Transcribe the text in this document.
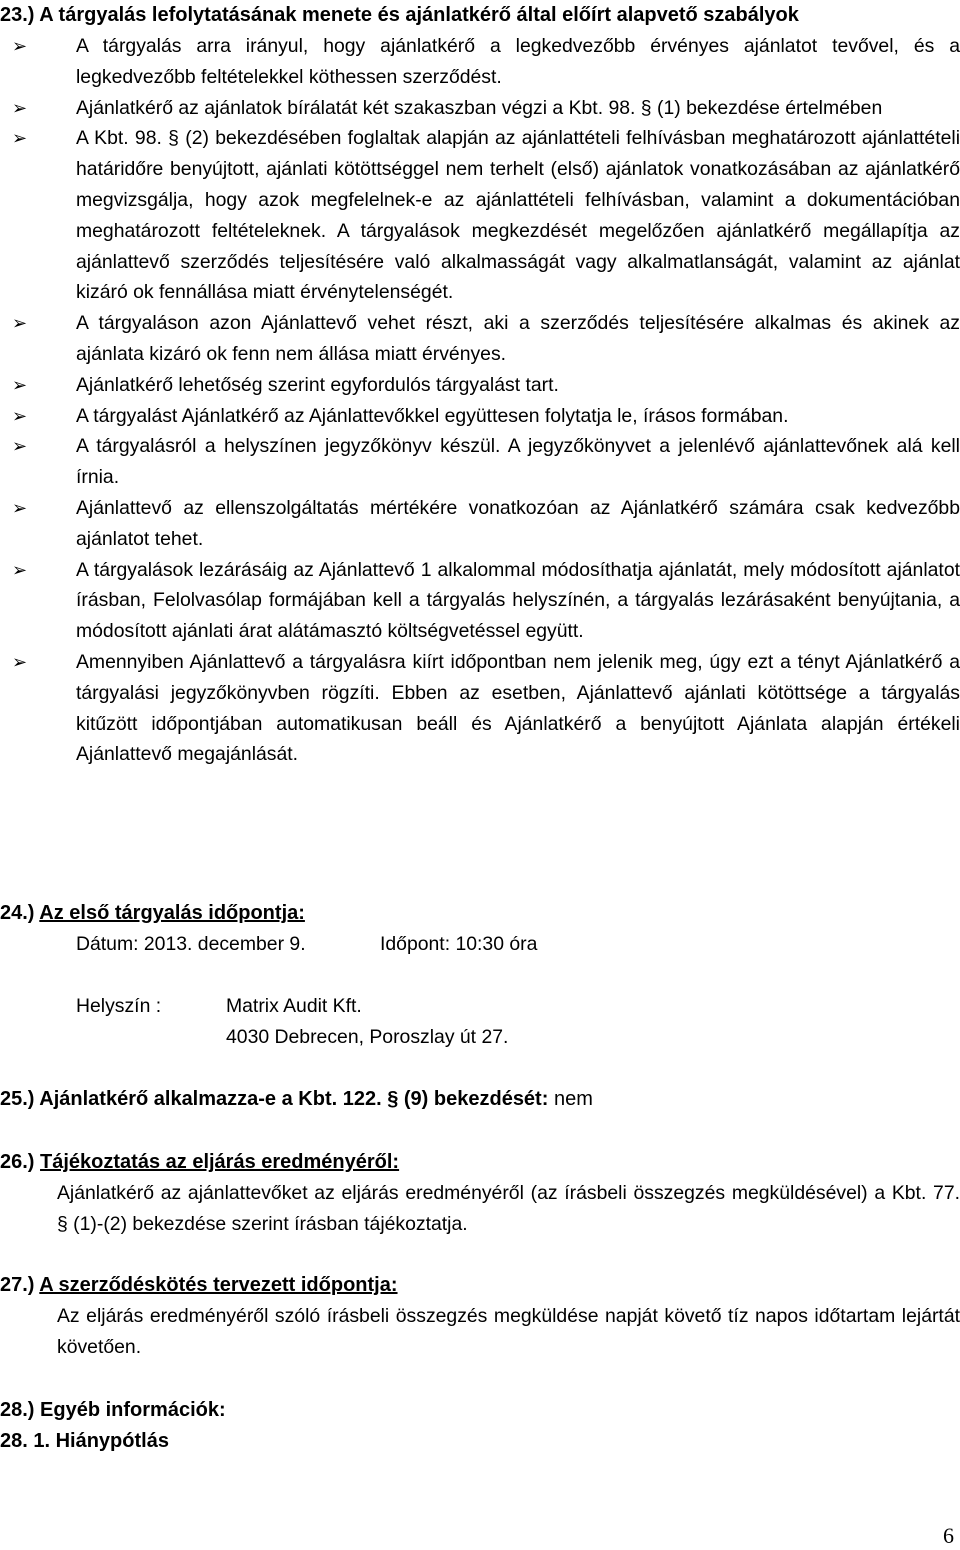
23.) A tárgyalás lefolytatásának menete és ajánlatkérő által előírt alapvető szabályok
➢	A tárgyalás arra irányul, hogy ajánlatkérő a legkedvezőbb érvényes ajánlatot tevővel, és a legkedvezőbb feltételekkel köthessen szerződést.
➢	Ajánlatkérő az ajánlatok bírálatát két szakaszban végzi a Kbt. 98. § (1) bekezdése értelmében
➢	A Kbt. 98. § (2) bekezdésében foglaltak alapján az ajánlattételi felhívásban meghatározott ajánlattételi határidőre benyújtott, ajánlati kötöttséggel nem terhelt (első) ajánlatok vonatkozásában az ajánlatkérő megvizsgálja, hogy azok megfelelnek-e az ajánlattételi felhívásban, valamint a dokumentációban meghatározott feltételeknek. A tárgyalások megkezdését megelőzően ajánlatkérő megállapítja az ajánlattevő szerződés teljesítésére való alkalmasságát vagy alkalmatlanságát, valamint az ajánlat kizáró ok fennállása miatt érvénytelenségét.
➢	A tárgyaláson azon Ajánlattevő vehet részt, aki a szerződés teljesítésére alkalmas és akinek az ajánlata kizáró ok fenn nem állása miatt érvényes.
➢	Ajánlatkérő lehetőség szerint egyfordulós tárgyalást tart.
➢	A tárgyalást Ajánlatkérő az Ajánlattevőkkel együttesen folytatja le, írásos formában.
➢	A tárgyalásról a helyszínen jegyzőkönyv készül. A jegyzőkönyvet a jelenlévő ajánlattevőnek alá kell írnia.
➢	Ajánlattevő az ellenszolgáltatás mértékére vonatkozóan az Ajánlatkérő számára csak kedvezőbb ajánlatot tehet.
➢	A tárgyalások lezárásáig az Ajánlattevő 1 alkalommal módosíthatja ajánlatát, mely módosított ajánlatot írásban, Felolvasólap formájában kell a tárgyalás helyszínén, a tárgyalás lezárásaként benyújtania, a módosított ajánlati árat alátámasztó költségvetéssel együtt.
➢	Amennyiben Ajánlattevő a tárgyalásra kiírt időpontban nem jelenik meg, úgy ezt a tényt Ajánlatkérő a tárgyalási jegyzőkönyvben rögzíti. Ebben az esetben, Ajánlattevő ajánlati kötöttsége a tárgyalás kitűzött időpontjában automatikusan beáll és Ajánlatkérő a benyújtott Ajánlata alapján értékeli Ajánlattevő megajánlását.
24.) Az első tárgyalás időpontja:
Dátum: 2013. december 9.	Időpont: 10:30 óra
Helyszín :	Matrix Audit Kft.
4030 Debrecen, Poroszlay út 27.
25.) Ajánlatkérő alkalmazza-e a Kbt. 122. § (9) bekezdését: nem
26.) Tájékoztatás az eljárás eredményéről:
Ajánlatkérő az ajánlattevőket az eljárás eredményéről (az írásbeli összegzés megküldésével) a Kbt. 77. § (1)-(2) bekezdése szerint írásban tájékoztatja.
27.) A szerződéskötés tervezett időpontja:
Az eljárás eredményéről szóló írásbeli összegzés megküldése napját követő tíz napos időtartam lejártát követően.
28.) Egyéb információk:
28. 1. Hiánypótlás
6
